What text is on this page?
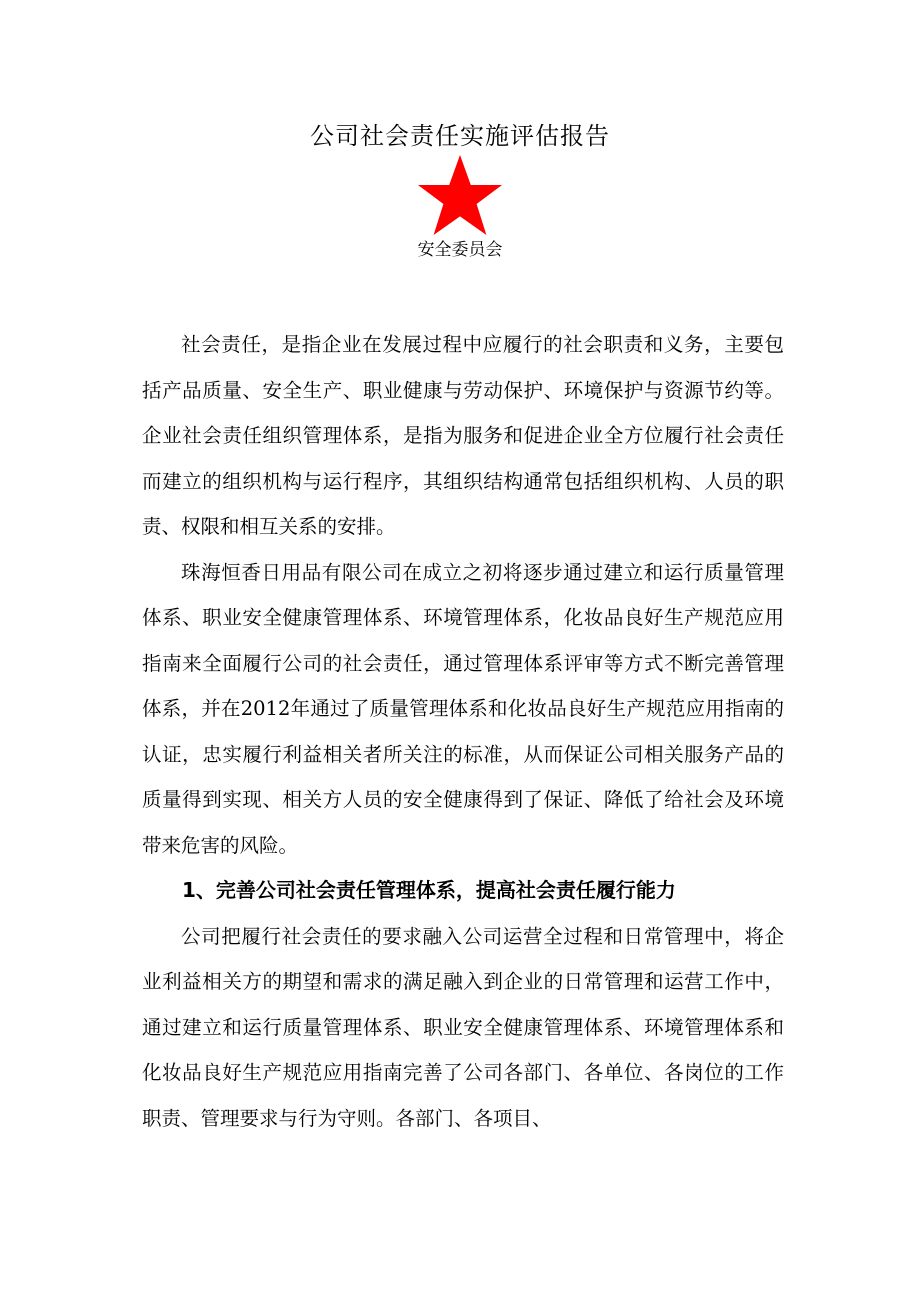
公司社会责任实施评估报告
安全委员会

社会责任，是指企业在发展过程中应履行的社会职责和义务，主要包括产品质量、安全生产、职业健康与劳动保护、环境保护与资源节约等。企业社会责任组织管理体系，是指为服务和促进企业全方位履行社会责任而建立的组织机构与运行程序，其组织结构通常包括组织机构、人员的职责、权限和相互关系的安排。

珠海恒香日用品有限公司在成立之初将逐步通过建立和运行质量管理体系、职业安全健康管理体系、环境管理体系，化妆品良好生产规范应用指南来全面履行公司的社会责任，通过管理体系评审等方式不断完善管理体系，并在2012年通过了质量管理体系和化妆品良好生产规范应用指南的认证，忠实履行利益相关者所关注的标准，从而保证公司相关服务产品的质量得到实现、相关方人员的安全健康得到了保证、降低了给社会及环境带来危害的风险。

1、完善公司社会责任管理体系，提高社会责任履行能力

公司把履行社会责任的要求融入公司运营全过程和日常管理中，将企业利益相关方的期望和需求的满足融入到企业的日常管理和运营工作中，通过建立和运行质量管理体系、职业安全健康管理体系、环境管理体系和化妆品良好生产规范应用指南完善了公司各部门、各单位、各岗位的工作职责、管理要求与行为守则。各部门、各项目、
